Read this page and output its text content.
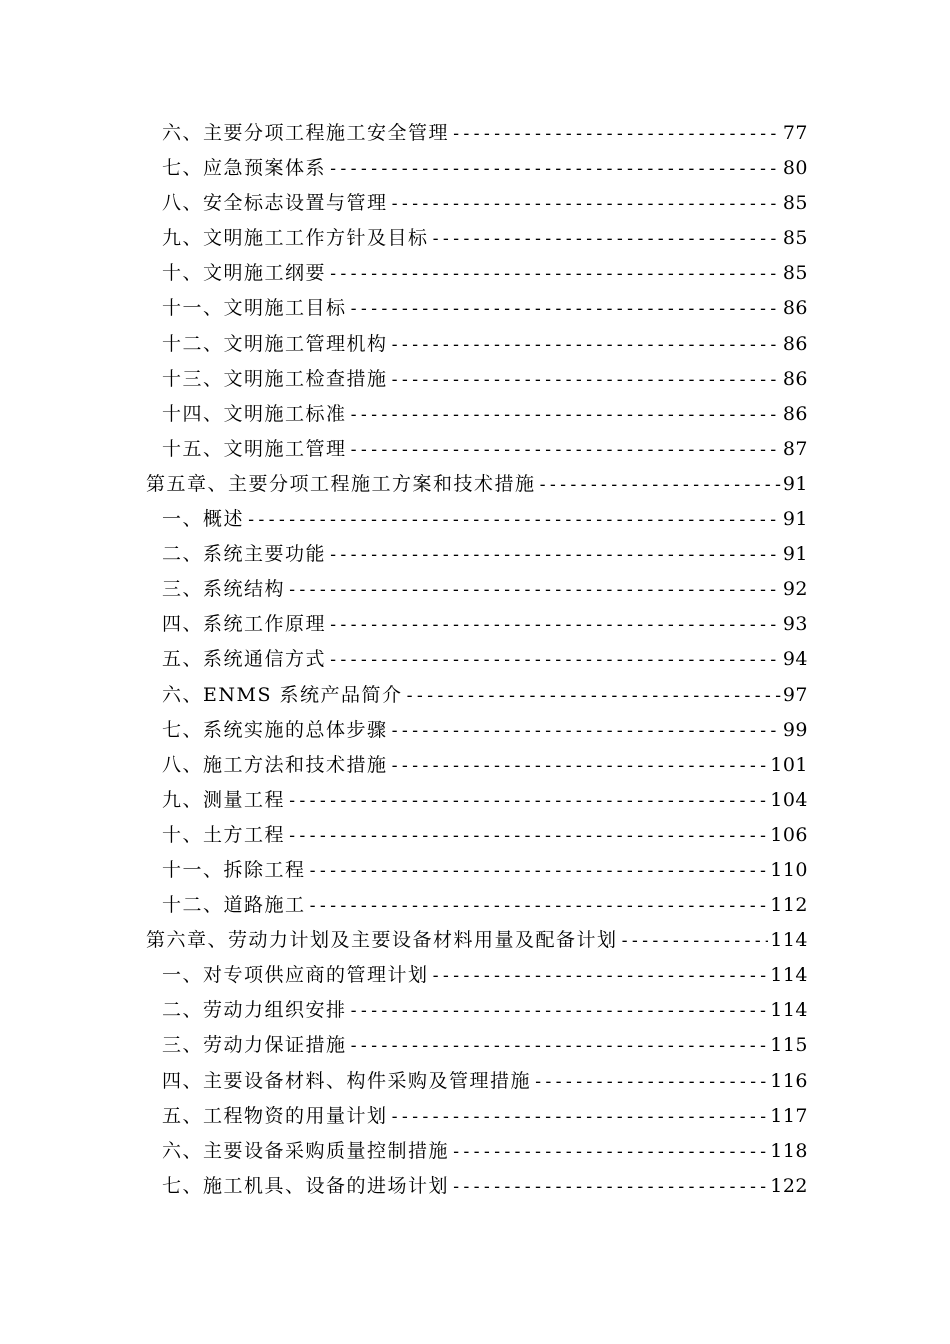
六、主要分项工程施工安全管理 -----	77
七、应急预案体系 -----	80
八、安全标志设置与管理 -----	85
九、文明施工工作方针及目标 -----	85
十、文明施工纲要 -----	85
十一、文明施工目标 -----	86
十二、文明施工管理机构 -----	86
十三、文明施工检查措施 -----	86
十四、文明施工标准 -----	86
十五、文明施工管理 -----	87
第五章、主要分项工程施工方案和技术措施 -----	91
一、概述 -----	91
二、系统主要功能 -----	91
三、系统结构 -----	92
四、系统工作原理 -----	93
五、系统通信方式 -----	94
六、ENMS 系统产品简介 -----	97
七、系统实施的总体步骤 -----	99
八、施工方法和技术措施 -----	101
九、测量工程 -----	104
十、土方工程 -----	106
十一、拆除工程 -----	110
十二、道路施工 -----	112
第六章、劳动力计划及主要设备材料用量及配备计划 -----	114
一、对专项供应商的管理计划 -----	114
二、劳动力组织安排 -----	114
三、劳动力保证措施 -----	115
四、主要设备材料、构件采购及管理措施 -----	116
五、工程物资的用量计划 -----	117
六、主要设备采购质量控制措施 -----	118
七、施工机具、设备的进场计划 -----	122
